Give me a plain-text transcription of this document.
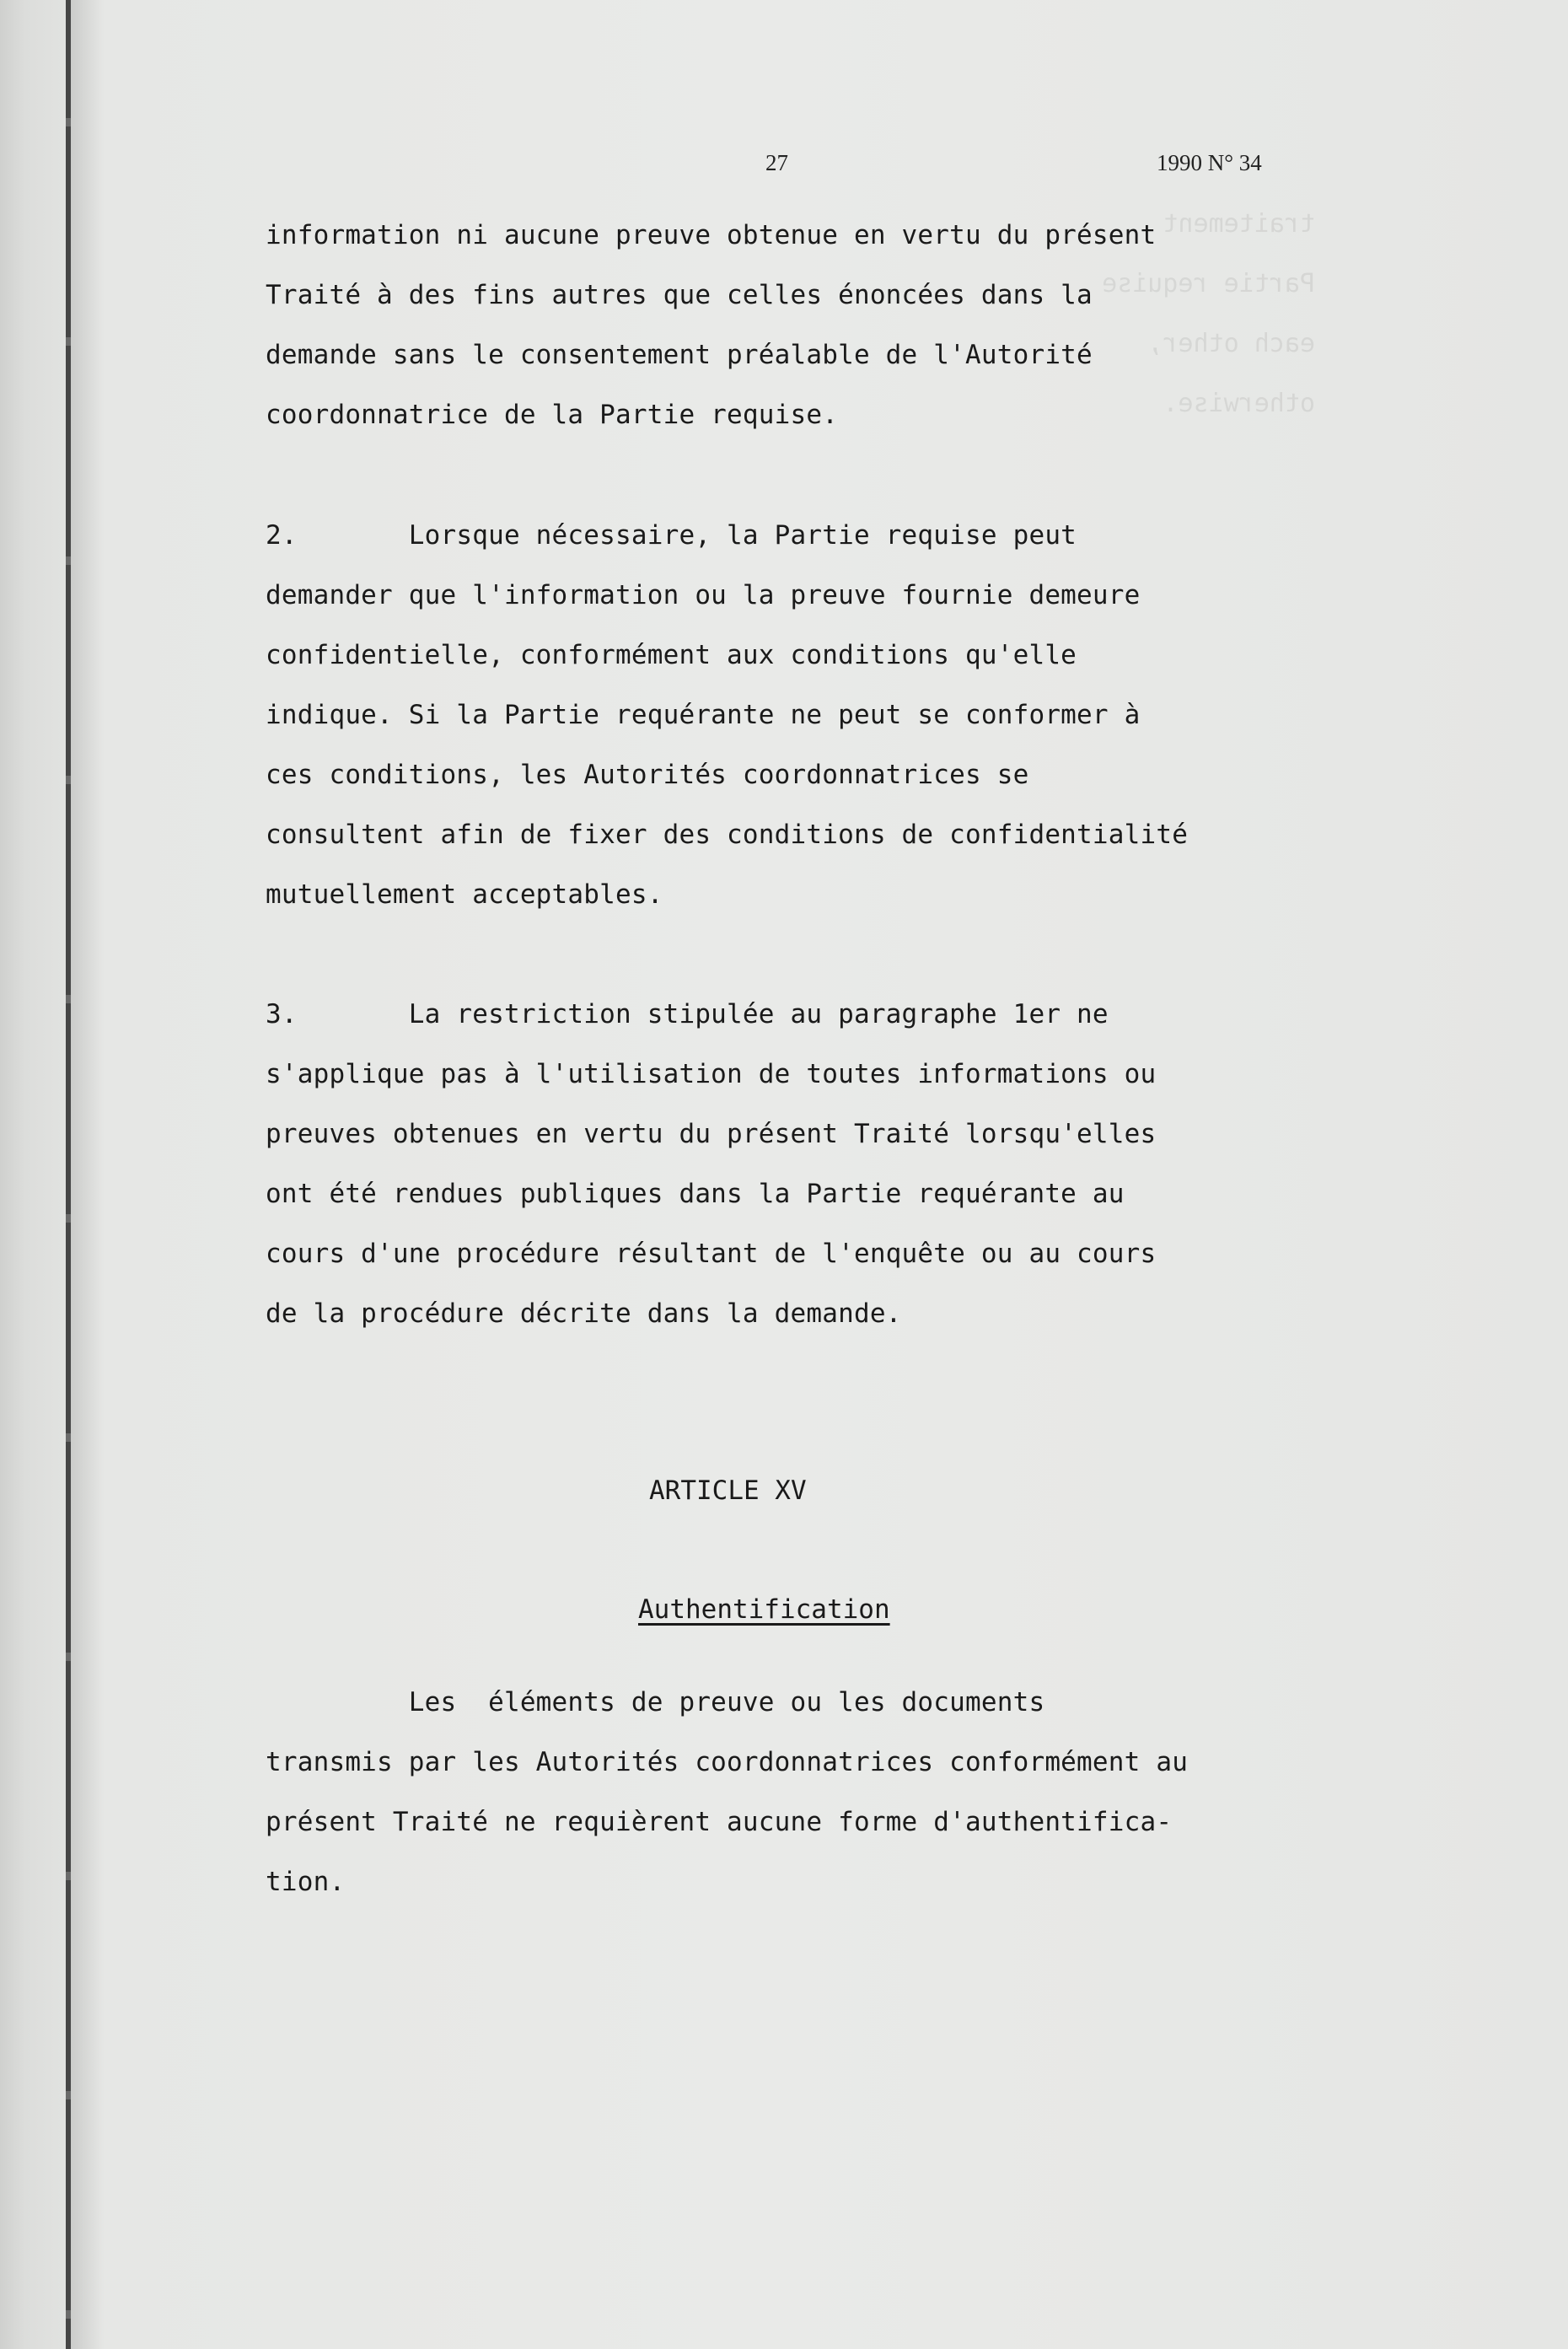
traitement
Partie requise
each other,
otherwise.
27	1990 N° 34
information ni aucune preuve obtenue en vertu du présent
Traité à des fins autres que celles énoncées dans la
demande sans le consentement préalable de l'Autorité
coordonnatrice de la Partie requise.
2.       Lorsque nécessaire, la Partie requise peut
demander que l'information ou la preuve fournie demeure
confidentielle, conformément aux conditions qu'elle
indique. Si la Partie requérante ne peut se conformer à
ces conditions, les Autorités coordonnatrices se
consultent afin de fixer des conditions de confidentialité
mutuellement acceptables.
3.       La restriction stipulée au paragraphe 1er ne
s'applique pas à l'utilisation de toutes informations ou
preuves obtenues en vertu du présent Traité lorsqu'elles
ont été rendues publiques dans la Partie requérante au
cours d'une procédure résultant de l'enquête ou au cours
de la procédure décrite dans la demande.
ARTICLE XV
Authentification
Les  éléments de preuve ou les documents
transmis par les Autorités coordonnatrices conformément au
présent Traité ne requièrent aucune forme d'authentifica-
tion.
